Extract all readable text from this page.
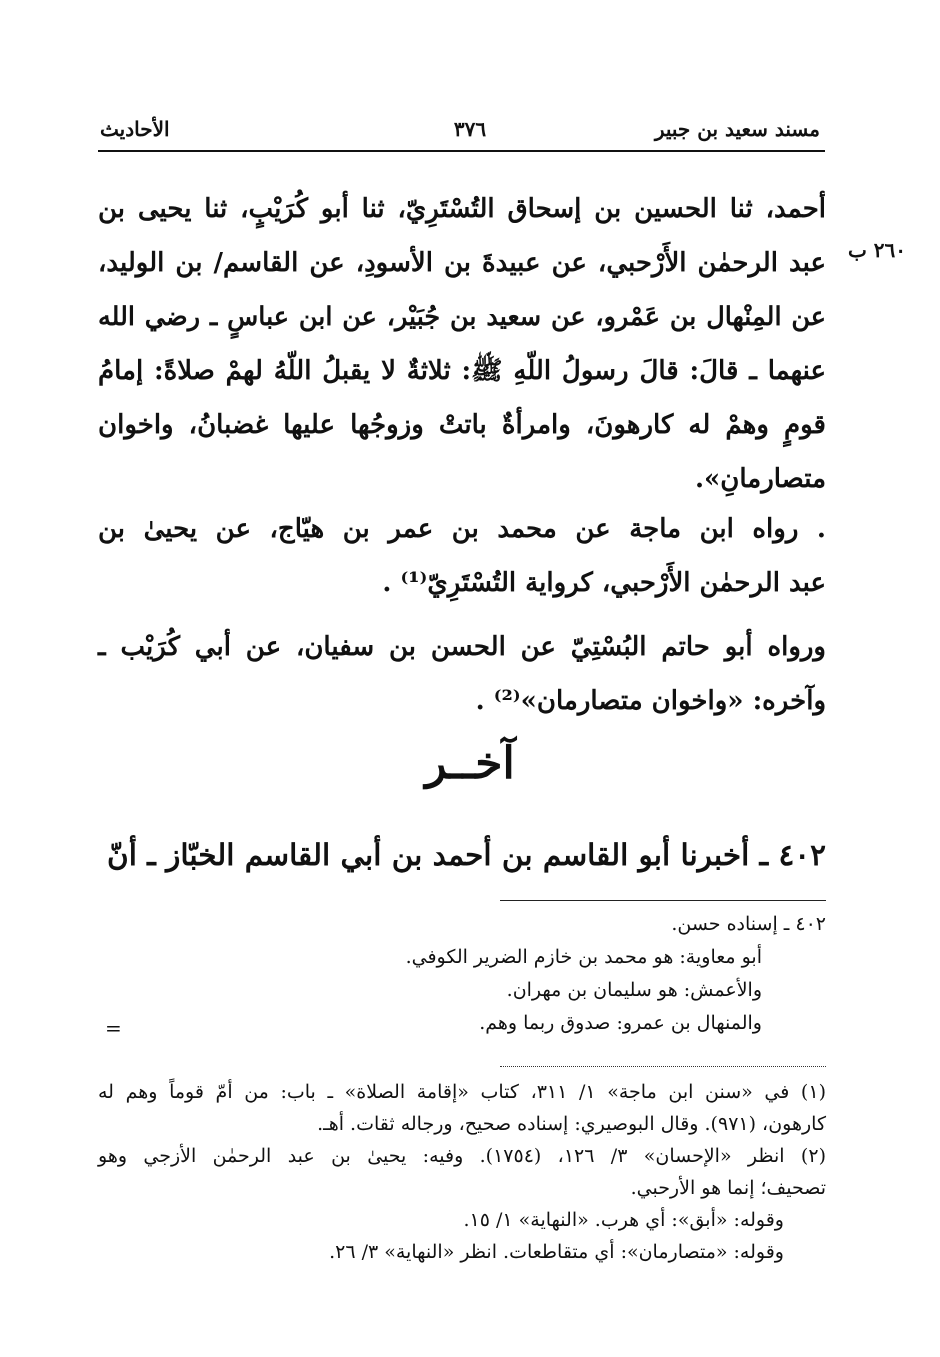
مسند سعيد بن جبير
٣٧٦
الأحاديث
٢٦٠ ب
أحمد، ثنا الحسين بن إسحاق التُسْتَرِيّ، ثنا أبو كُرَيْبٍ، ثنا يحيى بن
عبد الرحمٰن الأَرْحبي، عن عبيدةَ بن الأسودِ، عن القاسم/ بن الوليد،
عن المِنْهال بن عَمْرو، عن سعيد بن جُبَيْر، عن ابن عباسٍ ـ رضي الله
عنهما ـ قالَ: قالَ رسولُ اللّهِ ﷺ: ثلاثةٌ لا يقبلُ اللّهُ لهمْ صلاةً: إمامُ
قومٍ وهمْ له كارهونَ، وامرأةٌ باتتْ وزوجُها عليها غضبانُ، واخوان
متصارمانِ».
. رواه ابن ماجة عن محمد بن عمر بن هيّاج، عن يحيىٰ بن
عبد الرحمٰن الأَرْحبي، كرواية التُسْتَرِيّ⁽¹⁾ .
ورواه أبو حاتم البُسْتِيّ عن الحسن بن سفيان، عن أبي كُرَيْب ـ
وآخره: «واخوان متصارمان»⁽²⁾ .
آخــر
٤٠٢ ـ أخبرنا أبو القاسم بن أحمد بن أبي القاسم الخبّاز ـ أنّ
٤٠٢ ـ إسناده حسن.
أبو معاوية: هو محمد بن خازم الضرير الكوفي.
والأعمش: هو سليمان بن مهران.
والمنهال بن عمرو: صدوق ربما وهم.
=
(١) في «سنن ابن ماجة» ١/ ٣١١، كتاب «إقامة الصلاة» ـ باب: من أمّ قوماً وهم له
كارهون، (٩٧١). وقال البوصيري: إسناده صحيح، ورجاله ثقات. أهـ.
(٢) انظر «الإحسان» ٣/ ١٢٦، (١٧٥٤). وفيه: يحيىٰ بن عبد الرحمٰن الأزجي وهو
تصحيف؛ إنما هو الأرحبي.
وقوله: «أبق»: أي هرب. «النهاية» ١/ ١٥.
وقوله: «متصارمان»: أي متقاطعات. انظر «النهاية» ٣/ ٢٦.
